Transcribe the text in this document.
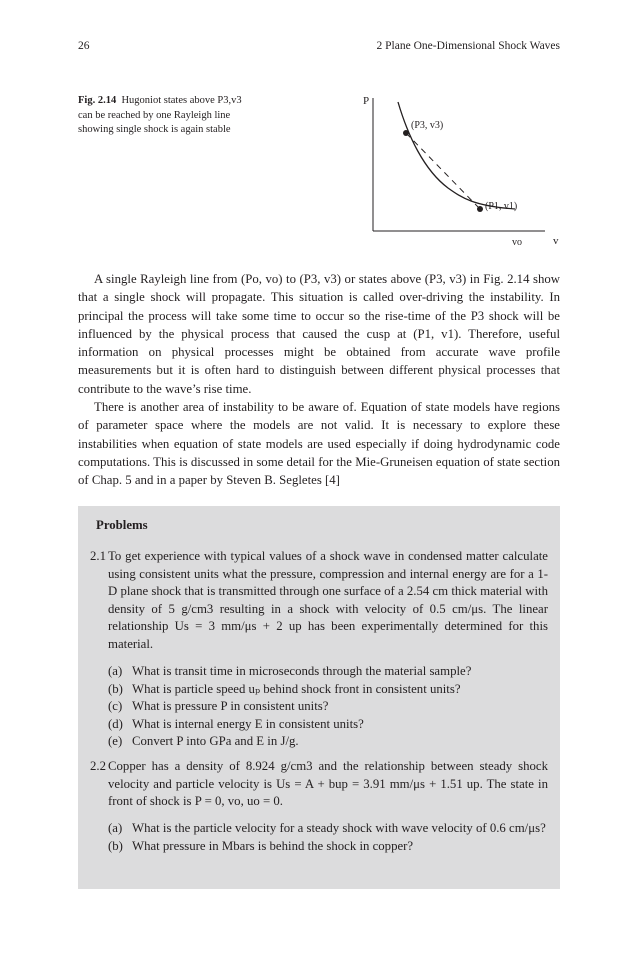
26	2 Plane One-Dimensional Shock Waves
Fig. 2.14 Hugoniot states above P3,v3 can be reached by one Rayleigh line showing single shock is again stable
P
v
vo
(P3, v3)
(P1, v1)

A single Rayleigh line from (Po, vo) to (P3, v3) or states above (P3, v3) in Fig. 2.14 show that a single shock will propagate. This situation is called over-driving the instability. In principal the process will take some time to occur so the rise-time of the P3 shock will be influenced by the physical process that caused the cusp at (P1, v1). Therefore, useful information on physical processes might be obtained from accurate wave profile measurements but it is often hard to distinguish between different physical processes that contribute to the wave’s rise time.

There is another area of instability to be aware of. Equation of state models have regions of parameter space where the models are not valid. It is necessary to explore these instabilities when equation of state models are used especially if doing hydrodynamic code computations. This is discussed in some detail for the Mie-Gruneisen equation of state section of Chap. 5 and in a paper by Steven B. Segletes [4]

Problems
2.1 To get experience with typical values of a shock wave in condensed matter calculate using consistent units what the pressure, compression and internal energy are for a 1-D plane shock that is transmitted through one surface of a 2.54 cm thick material with density of 5 g/cm3 resulting in a shock with velocity of 0.5 cm/μs. The linear relationship Us = 3 mm/μs + 2 up has been experimentally determined for this material.
(a) What is transit time in microseconds through the material sample?
(b) What is particle speed uₚ behind shock front in consistent units?
(c) What is pressure P in consistent units?
(d) What is internal energy E in consistent units?
(e) Convert P into GPa and E in J/g.
2.2 Copper has a density of 8.924 g/cm3 and the relationship between steady shock velocity and particle velocity is Us = A + bup = 3.91 mm/μs + 1.51 up. The state in front of shock is P = 0, vo, uo = 0.
(a) What is the particle velocity for a steady shock with wave velocity of 0.6 cm/μs?
(b) What pressure in Mbars is behind the shock in copper?
